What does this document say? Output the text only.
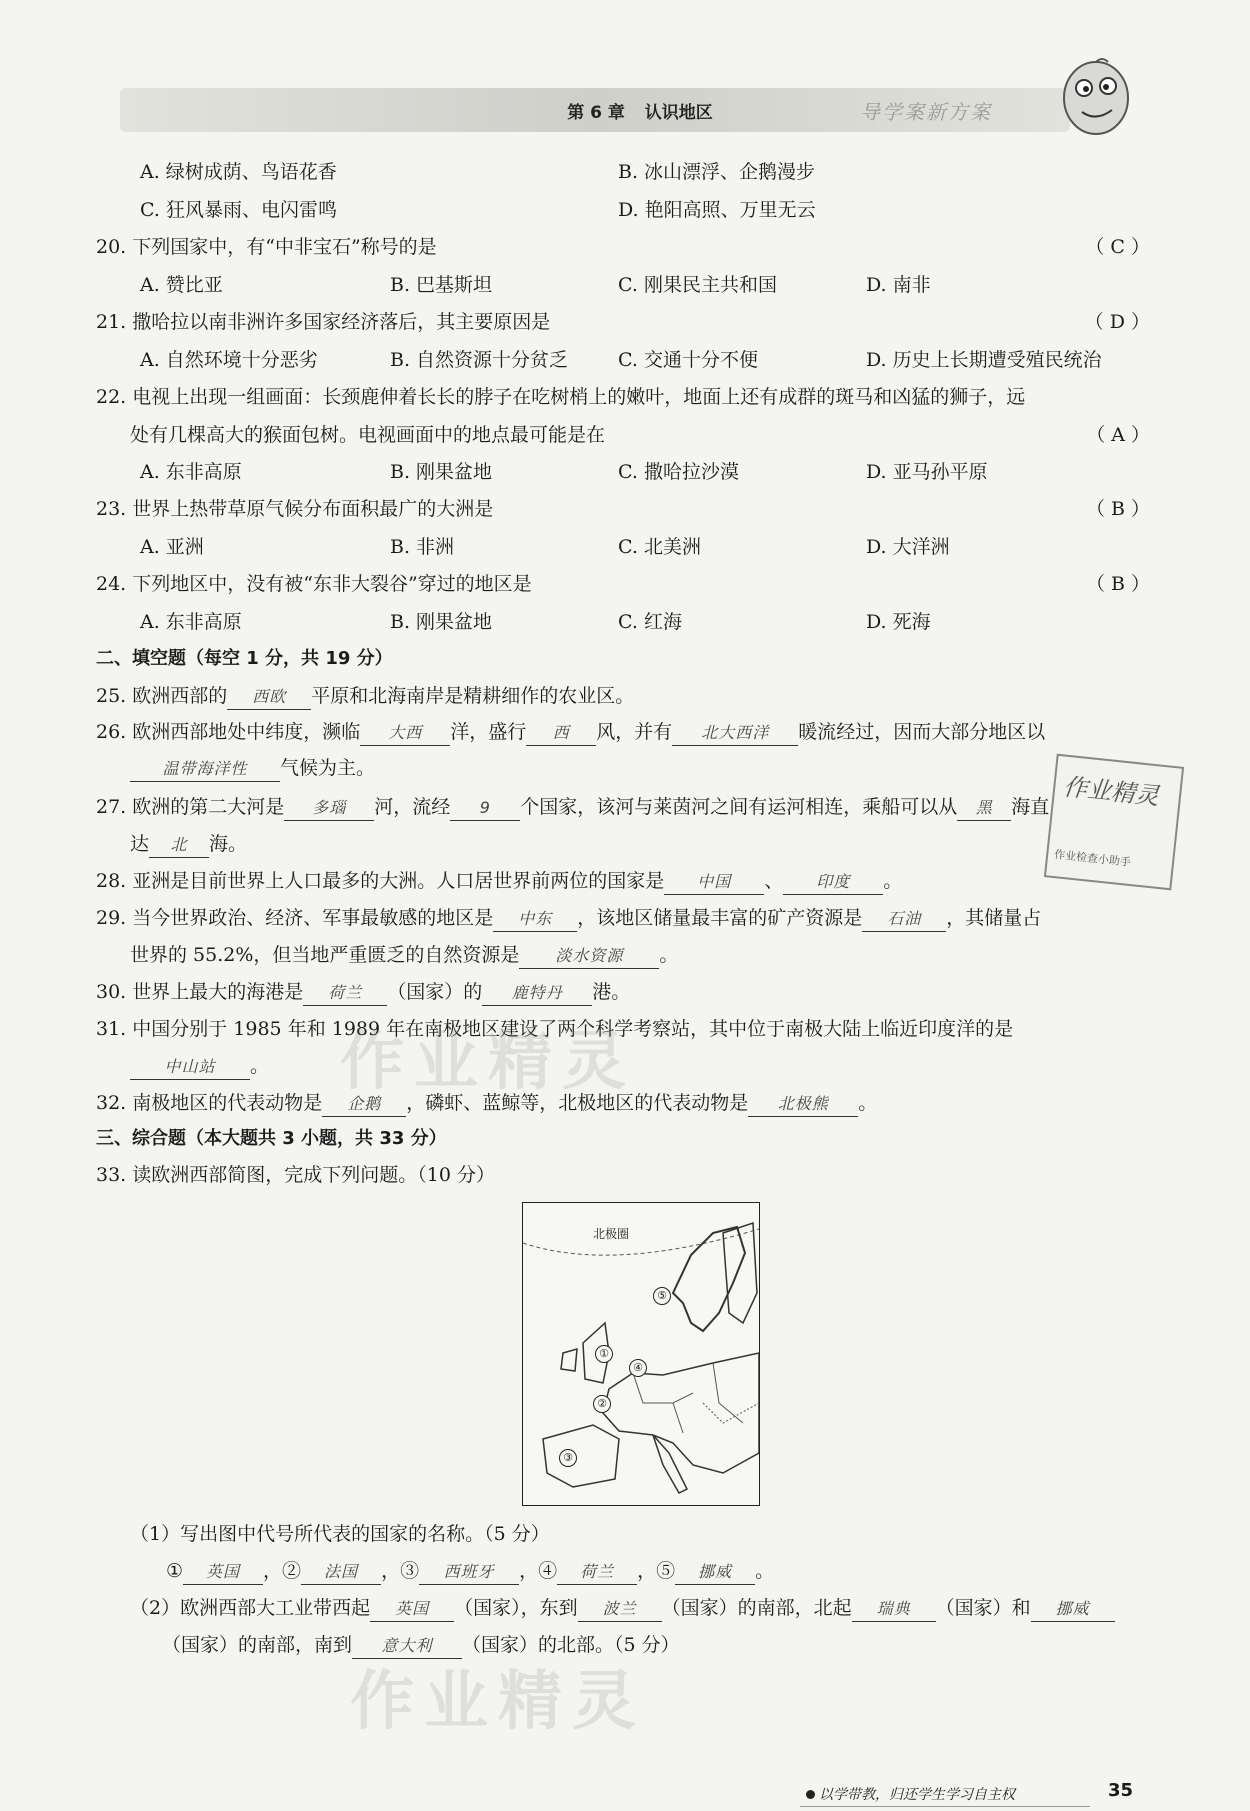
第 6 章 认识地区	导学案新方案
A. 绿树成荫、鸟语花香	B. 冰山漂浮、企鹅漫步
C. 狂风暴雨、电闪雷鸣	D. 艳阳高照、万里无云
20. 下列国家中，有“中非宝石”称号的是	（ C ）
A. 赞比亚	B. 巴基斯坦	C. 刚果民主共和国	D. 南非
21. 撒哈拉以南非洲许多国家经济落后，其主要原因是	（ D ）
A. 自然环境十分恶劣	B. 自然资源十分贫乏	C. 交通十分不便	D. 历史上长期遭受殖民统治
22. 电视上出现一组画面：长颈鹿伸着长长的脖子在吃树梢上的嫩叶，地面上还有成群的斑马和凶猛的狮子，远
处有几棵高大的猴面包树。电视画面中的地点最可能是在	（ A ）
A. 东非高原	B. 刚果盆地	C. 撒哈拉沙漠	D. 亚马孙平原
23. 世界上热带草原气候分布面积最广的大洲是	（ B ）
A. 亚洲	B. 非洲	C. 北美洲	D. 大洋洲
24. 下列地区中，没有被“东非大裂谷”穿过的地区是	（ B ）
A. 东非高原	B. 刚果盆地	C. 红海	D. 死海
二、填空题（每空 1 分，共 19 分）
25. 欧洲西部的 西欧 平原和北海南岸是精耕细作的农业区。
26. 欧洲西部地处中纬度，濒临 大西 洋，盛行 西 风，并有 北大西洋 暖流经过，因而大部分地区以
温带海洋性 气候为主。
27. 欧洲的第二大河是 多瑙 河，流经 9 个国家，该河与莱茵河之间有运河相连，乘船可以从 黑 海直
达 北 海。
28. 亚洲是目前世界上人口最多的大洲。人口居世界前两位的国家是 中国 、 印度 。
29. 当今世界政治、经济、军事最敏感的地区是 中东 ，该地区储量最丰富的矿产资源是 石油 ，其储量占
世界的 55.2%，但当地严重匮乏的自然资源是 淡水资源 。
30. 世界上最大的海港是 荷兰 （国家）的 鹿特丹 港。
31. 中国分别于 1985 年和 1989 年在南极地区建设了两个科学考察站，其中位于南极大陆上临近印度洋的是
中山站 。
32. 南极地区的代表动物是 企鹅 ，磷虾、蓝鲸等，北极地区的代表动物是 北极熊 。
三、综合题（本大题共 3 小题，共 33 分）
33. 读欧洲西部简图，完成下列问题。（10 分）
北极圈
①
②
③
④
⑤
（1）写出图中代号所代表的国家的名称。（5 分）
① 英国 ，② 法国 ，③ 西班牙 ，④ 荷兰 ，⑤ 挪威 。
（2）欧洲西部大工业带西起 英国 （国家），东到 波兰 （国家）的南部，北起 瑞典 （国家）和 挪威
（国家）的南部，南到 意大利 （国家）的北部。（5 分）
作业精灵
作业检查小助手
作业精灵
作业精灵
以学带教，归还学生学习自主权	35
